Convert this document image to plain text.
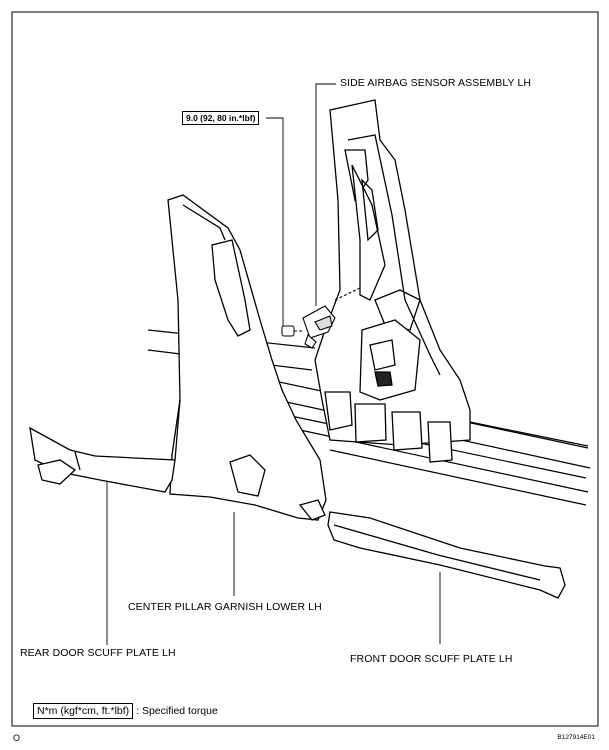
SIDE AIRBAG SENSOR ASSEMBLY LH
9.0 (92, 80 in.*lbf)
CENTER PILLAR GARNISH LOWER LH
REAR DOOR SCUFF PLATE LH	FRONT DOOR SCUFF PLATE LH
N*m (kgf*cm, ft.*lbf) : Specified torque
O	B127914E01
